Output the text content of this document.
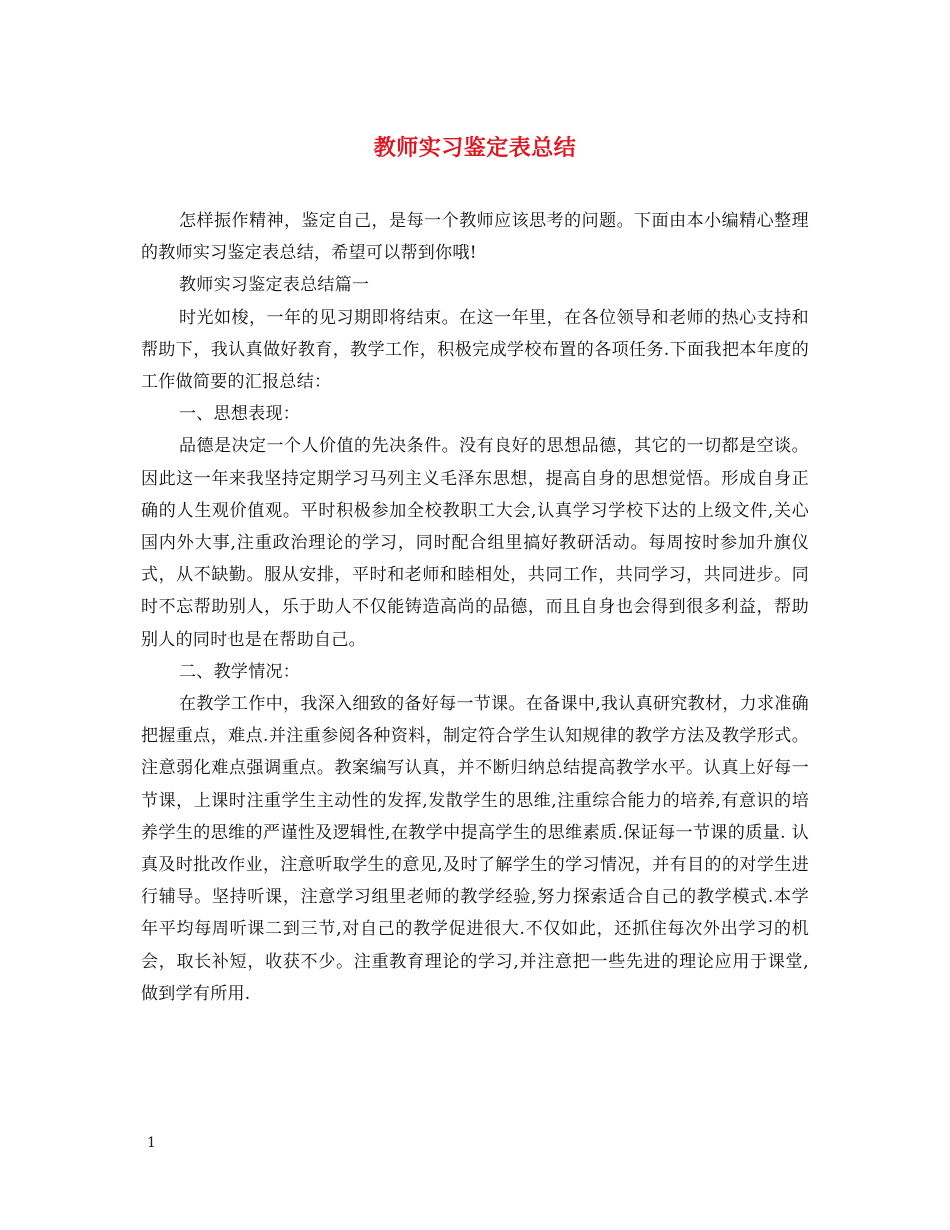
教师实习鉴定表总结

怎样振作精神，鉴定自己，是每一个教师应该思考的问题。下面由本小编精心整理的教师实习鉴定表总结，希望可以帮到你哦!

教师实习鉴定表总结篇一

时光如梭，一年的见习期即将结束。在这一年里，在各位领导和老师的热心支持和帮助下，我认真做好教育，教学工作，积极完成学校布置的各项任务.下面我把本年度的工作做简要的汇报总结：

一、思想表现：

品德是决定一个人价值的先决条件。没有良好的思想品德，其它的一切都是空谈。因此这一年来我坚持定期学习马列主义毛泽东思想，提高自身的思想觉悟。形成自身正确的人生观价值观。平时积极参加全校教职工大会,认真学习学校下达的上级文件,关心国内外大事,注重政治理论的学习，同时配合组里搞好教研活动。每周按时参加升旗仪式，从不缺勤。服从安排，平时和老师和睦相处，共同工作，共同学习，共同进步。同时不忘帮助别人，乐于助人不仅能铸造高尚的品德，而且自身也会得到很多利益，帮助别人的同时也是在帮助自己。

二、教学情况：

在教学工作中，我深入细致的备好每一节课。在备课中,我认真研究教材，力求准确把握重点，难点.并注重参阅各种资料，制定符合学生认知规律的教学方法及教学形式。注意弱化难点强调重点。教案编写认真，并不断归纳总结提高教学水平。认真上好每一节课，上课时注重学生主动性的发挥,发散学生的思维,注重综合能力的培养,有意识的培养学生的思维的严谨性及逻辑性,在教学中提高学生的思维素质.保证每一节课的质量. 认真及时批改作业，注意听取学生的意见,及时了解学生的学习情况，并有目的的对学生进行辅导。坚持听课，注意学习组里老师的教学经验,努力探索适合自己的教学模式.本学年平均每周听课二到三节,对自己的教学促进很大.不仅如此，还抓住每次外出学习的机会，取长补短，收获不少。注重教育理论的学习,并注意把一些先进的理论应用于课堂,做到学有所用.

1
